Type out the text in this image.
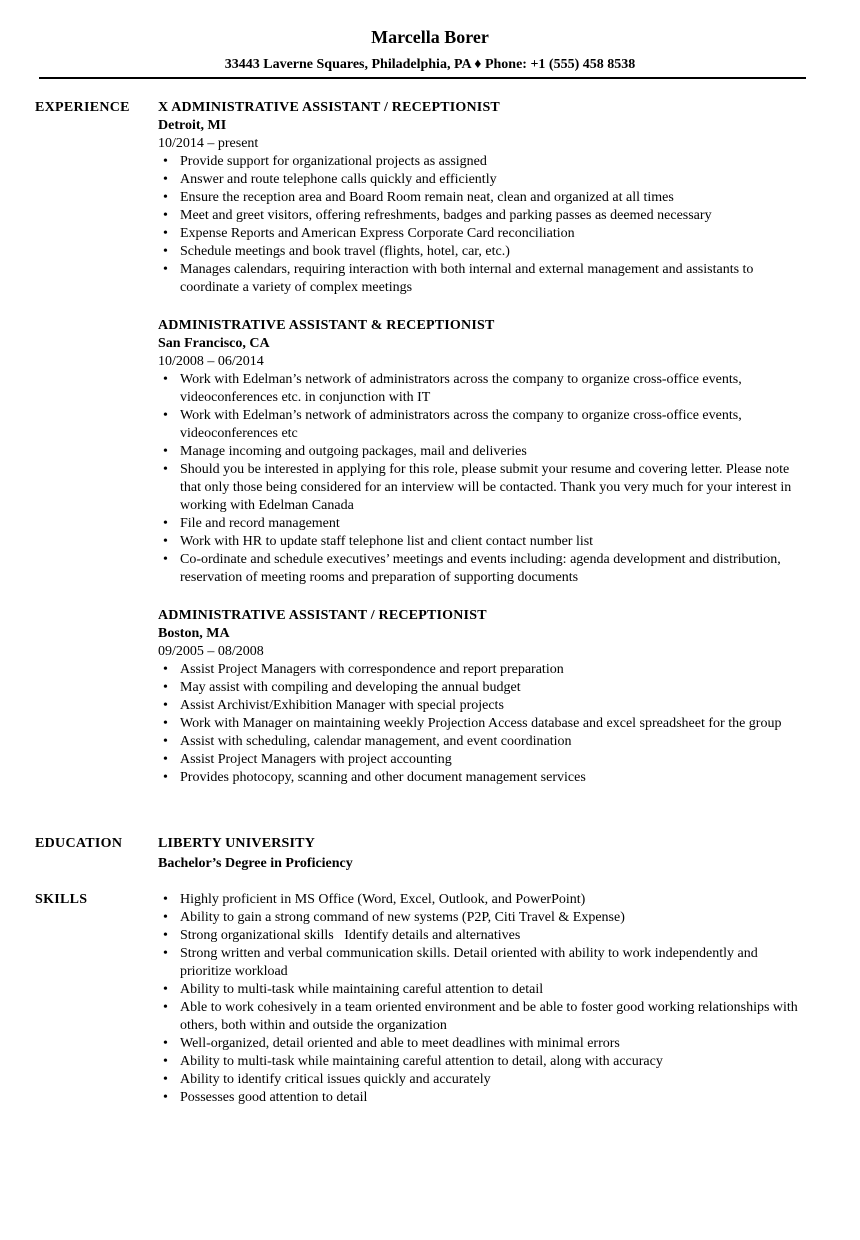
Marcella Borer
33443 Laverne Squares, Philadelphia, PA ♦ Phone: +1 (555) 458 8538
EXPERIENCE X ADMINISTRATIVE ASSISTANT / RECEPTIONIST
Detroit, MI
10/2014 – present
• Provide support for organizational projects as assigned
• Answer and route telephone calls quickly and efficiently
• Ensure the reception area and Board Room remain neat, clean and organized at all times
• Meet and greet visitors, offering refreshments, badges and parking passes as deemed necessary
• Expense Reports and American Express Corporate Card reconciliation
• Schedule meetings and book travel (flights, hotel, car, etc.)
• Manages calendars, requiring interaction with both internal and external management and assistants to coordinate a variety of complex meetings
ADMINISTRATIVE ASSISTANT & RECEPTIONIST
San Francisco, CA
10/2008 – 06/2014
• Work with Edelman’s network of administrators across the company to organize cross-office events, videoconferences etc. in conjunction with IT
• Work with Edelman’s network of administrators across the company to organize cross-office events, videoconferences etc
• Manage incoming and outgoing packages, mail and deliveries
• Should you be interested in applying for this role, please submit your resume and covering letter. Please note that only those being considered for an interview will be contacted. Thank you very much for your interest in working with Edelman Canada
• File and record management
• Work with HR to update staff telephone list and client contact number list
• Co-ordinate and schedule executives’ meetings and events including: agenda development and distribution, reservation of meeting rooms and preparation of supporting documents
ADMINISTRATIVE ASSISTANT / RECEPTIONIST
Boston, MA
09/2005 – 08/2008
• Assist Project Managers with correspondence and report preparation
• May assist with compiling and developing the annual budget
• Assist Archivist/Exhibition Manager with special projects
• Work with Manager on maintaining weekly Projection Access database and excel spreadsheet for the group
• Assist with scheduling, calendar management, and event coordination
• Assist Project Managers with project accounting
• Provides photocopy, scanning and other document management services
EDUCATION	LIBERTY UNIVERSITY
Bachelor’s Degree in Proficiency
SKILLS
•	Highly proficient in MS Office (Word, Excel, Outlook, and PowerPoint)
• Ability to gain a strong command of new systems (P2P, Citi Travel & Expense)
• Strong organizational skills   Identify details and alternatives
• Strong written and verbal communication skills. Detail oriented with ability to work independently and prioritize workload
• Ability to multi-task while maintaining careful attention to detail
• Able to work cohesively in a team oriented environment and be able to foster good working relationships with others, both within and outside the organization
• Well-organized, detail oriented and able to meet deadlines with minimal errors
• Ability to multi-task while maintaining careful attention to detail, along with accuracy
• Ability to identify critical issues quickly and accurately
• Possesses good attention to detail
